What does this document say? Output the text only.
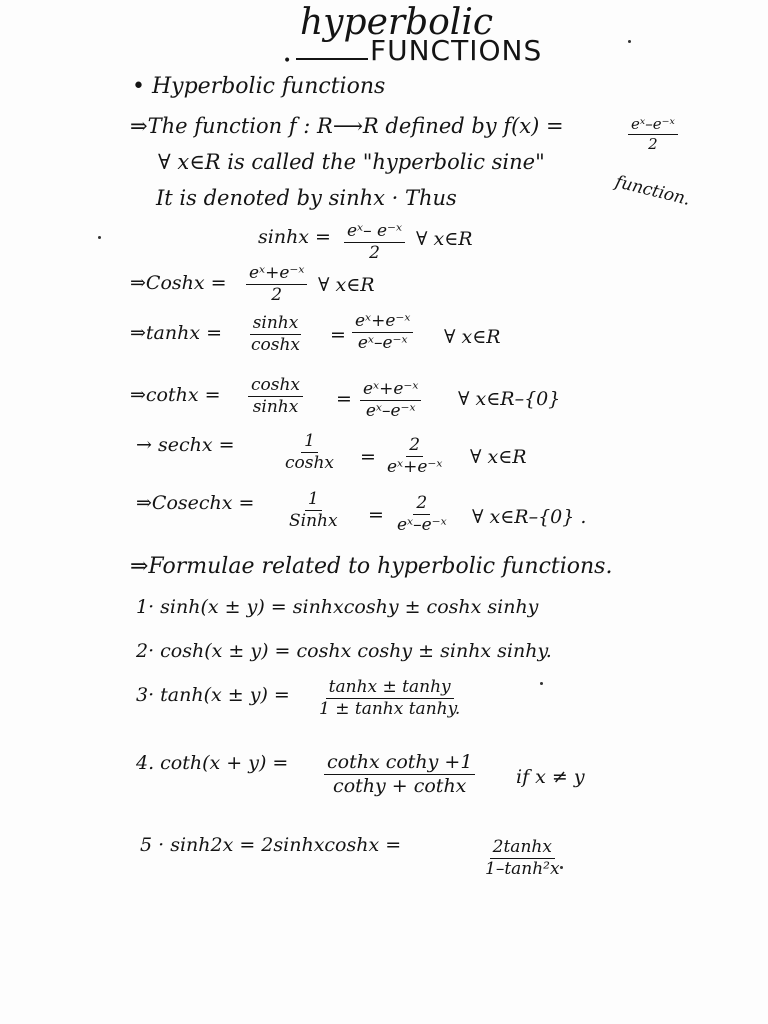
hyperbolic
•	FUNCTIONS
• Hyperbolic functions
⇒The function f : R⟶R defined by f(x) =	$\frac{\text{eˣ–e⁻ˣ}}{2}$
∀ x∈R is called the "hyperbolic sine"
function.
It is denoted by sinhx · Thus
$\sinh x = \frac{\text{eˣ– e⁻ˣ}}{2}$ ∀ x∈R
⇒Coshx = $\frac{\text{eˣ+e⁻ˣ}}{2}$ ∀ x∈R
⇒tanhx = $\frac{\sinh x}{\cosh x} = \frac{\text{eˣ+e⁻ˣ}}{\text{eˣ–e⁻ˣ}}$ ∀ x∈R
⇒cothx = $\frac{\cosh x}{\sinh x} = \frac{\text{eˣ+e⁻ˣ}}{\text{eˣ–e⁻ˣ}}$ ∀ x∈R–{0}
→ sechx =	$\frac{1}{\cosh x} = \frac{2}{\text{eˣ+e⁻ˣ}}$ ∀ x∈R
⇒Cosechx =	1
Sinhx = $\frac{2}{\text{eˣ–e⁻ˣ}}$ ∀ x∈R–{0} .
⇒Formulae related to hyperbolic functions.
1· sinh(x ± y) = sinhxcoshy ± coshx sinhy
2· cosh(x ± y) = coshx coshy ± sinhx sinhy.
$3\cdot \tanh(x \pm y) = \frac{\tanh x \pm \tanh y}{\text{1 ± tanhx tanhy.}}$
4. $\cot h(x + y) = \frac{\text{cothx cothy +1}}{\text{cothy + cothx}}$ if x ≠ y
5 · sinh2x = 2sinhxcoshx =	$\frac{2\tanh x}{\text{1–tanh²x}}$
